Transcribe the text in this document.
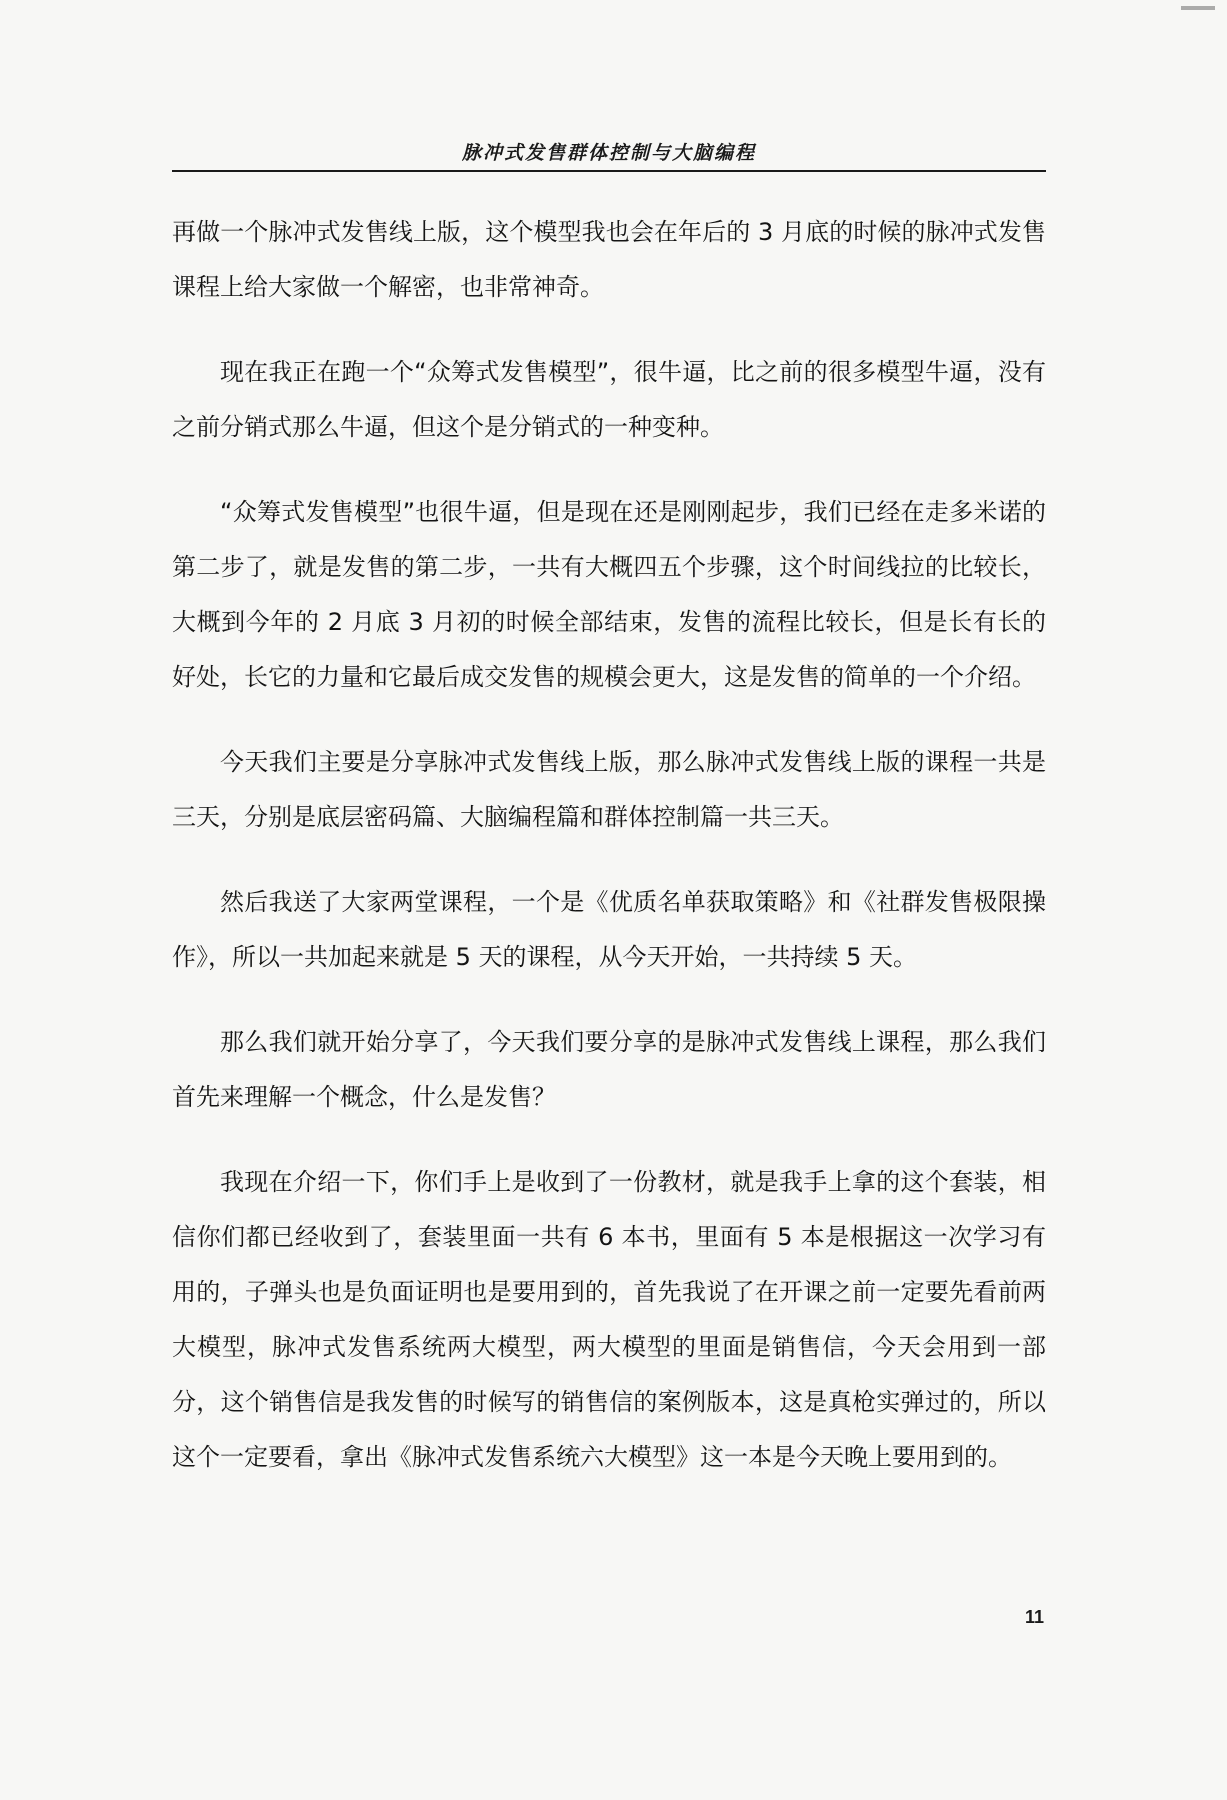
脉冲式发售群体控制与大脑编程

再做一个脉冲式发售线上版，这个模型我也会在年后的 3 月底的时候的脉冲式发售课程上给大家做一个解密，也非常神奇。

现在我正在跑一个“众筹式发售模型”，很牛逼，比之前的很多模型牛逼，没有之前分销式那么牛逼，但这个是分销式的一种变种。

“众筹式发售模型”也很牛逼，但是现在还是刚刚起步，我们已经在走多米诺的第二步了，就是发售的第二步，一共有大概四五个步骤，这个时间线拉的比较长，大概到今年的 2 月底 3 月初的时候全部结束，发售的流程比较长，但是长有长的好处，长它的力量和它最后成交发售的规模会更大，这是发售的简单的一个介绍。

今天我们主要是分享脉冲式发售线上版，那么脉冲式发售线上版的课程一共是三天，分别是底层密码篇、大脑编程篇和群体控制篇一共三天。

然后我送了大家两堂课程，一个是《优质名单获取策略》和《社群发售极限操作》，所以一共加起来就是 5 天的课程，从今天开始，一共持续 5 天。

那么我们就开始分享了，今天我们要分享的是脉冲式发售线上课程，那么我们首先来理解一个概念，什么是发售？

我现在介绍一下，你们手上是收到了一份教材，就是我手上拿的这个套装，相信你们都已经收到了，套装里面一共有 6 本书，里面有 5 本是根据这一次学习有用的，子弹头也是负面证明也是要用到的，首先我说了在开课之前一定要先看前两大模型，脉冲式发售系统两大模型，两大模型的里面是销售信，今天会用到一部分，这个销售信是我发售的时候写的销售信的案例版本，这是真枪实弹过的，所以这个一定要看，拿出《脉冲式发售系统六大模型》这一本是今天晚上要用到的。

11
